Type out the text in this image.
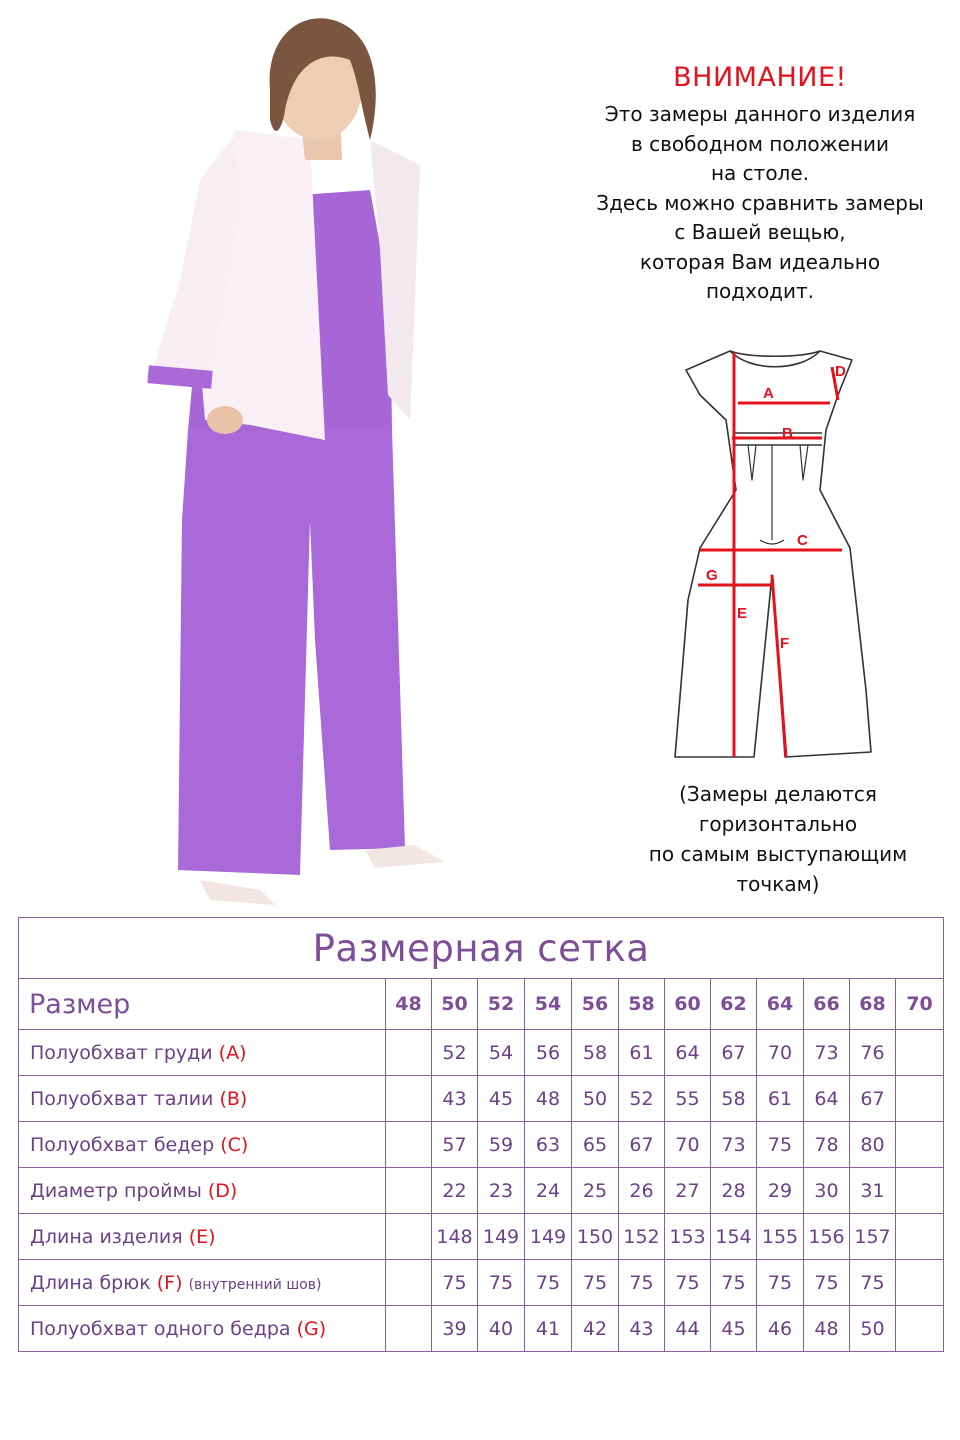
ВНИМАНИЕ!
Это замеры данного изделия
в свободном положении
на столе.
Здесь можно сравнить замеры
с Вашей вещью,
которая Вам идеально
подходит.
A
B
C
D
E
F
G
(Замеры делаются
горизонтально
по самым выступающим
точкам)
Размерная сетка												
Размер	48	50	52	54	56	58	60	62	64	66	68	70
Полуобхват груди (A)		52	54	56	58	61	64	67	70	73	76	
Полуобхват талии (B)		43	45	48	50	52	55	58	61	64	67	
Полуобхват бедер (C)		57	59	63	65	67	70	73	75	78	80	
Диаметр проймы (D)		22	23	24	25	26	27	28	29	30	31	
Длина изделия (E)		148	149	149	150	152	153	154	155	156	157	
Длина брюк (F) (внутренний шов)		75	75	75	75	75	75	75	75	75	75	
Полуобхват одного бедра (G)		39	40	41	42	43	44	45	46	48	50	
